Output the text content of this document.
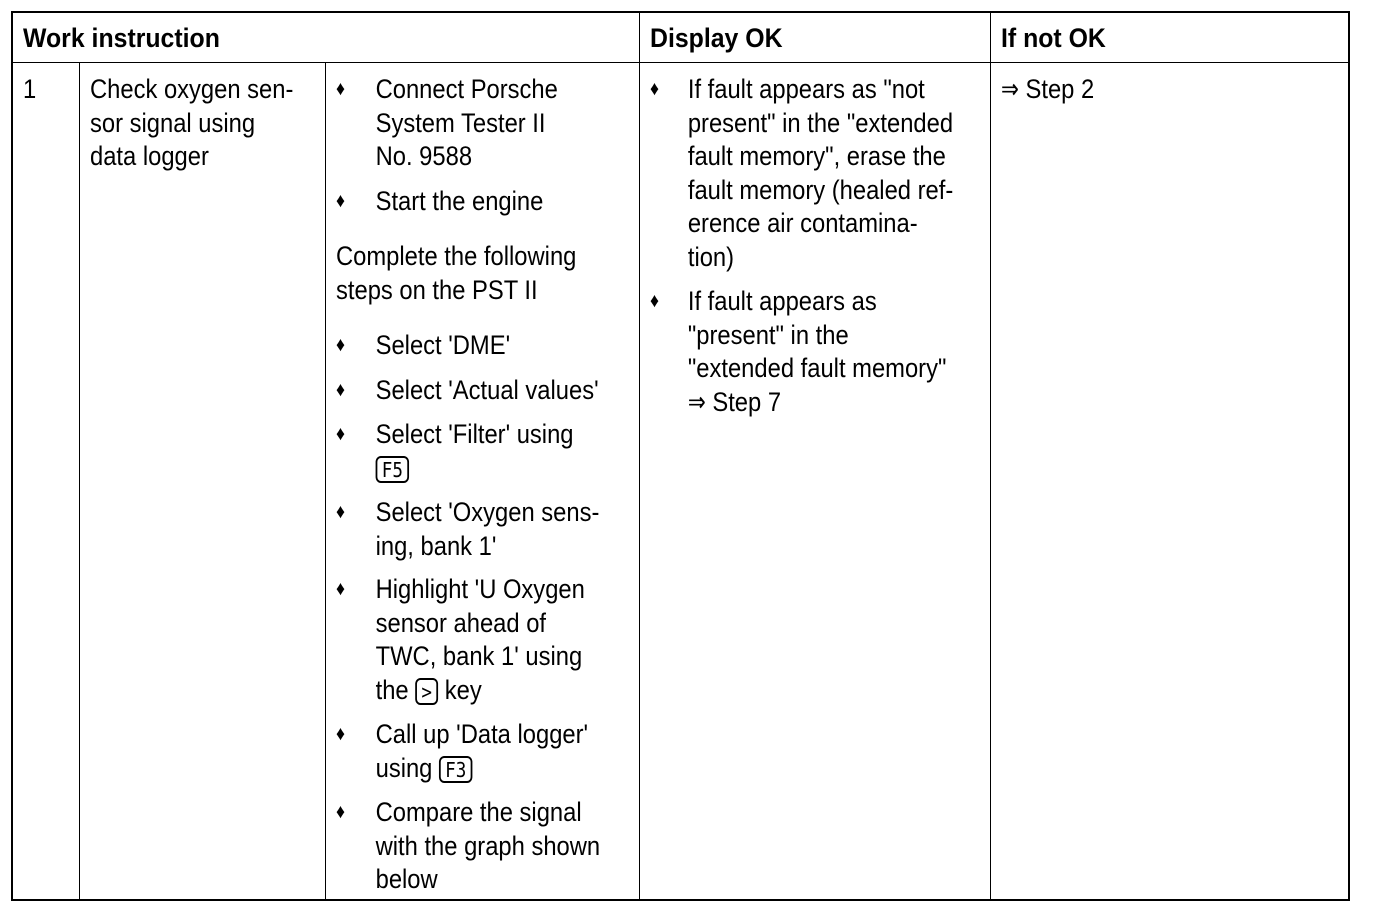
Work instruction	Display OK	If not OK
1 Check oxygen sen-
sor signal using
data logger
♦ Connect Porsche
System Tester II
No. 9588
♦ Start the engine
Complete the following
steps on the PST II
♦ Select 'DME'
♦ Select 'Actual values'
♦ Select 'Filter' using
F5
♦ Select 'Oxygen sens-
ing, bank 1'
♦ Highlight 'U Oxygen
sensor ahead of
TWC, bank 1' using
the > key
♦ Call up 'Data logger'
using F3
♦ Compare the signal
with the graph shown
below
♦ If fault appears as "not
present" in the "extended
fault memory", erase the
fault memory (healed ref-
erence air contamina-
tion)
♦ If fault appears as
"present" in the
"extended fault memory"
⇒ Step 7
⇒ Step 2
